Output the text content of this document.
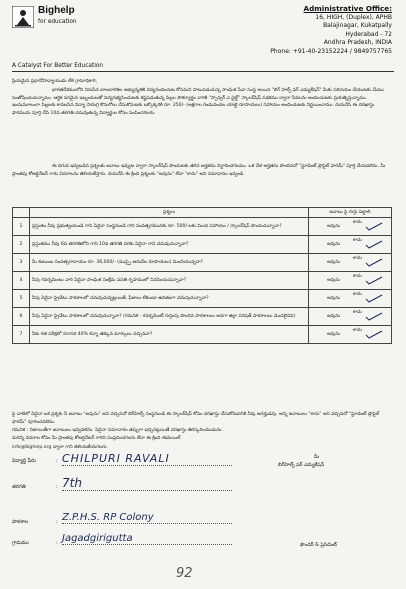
Bighelp
for education
A Catalyst For Better Education
Administrative Office:
16, HIGH, (Duplex), APHB
Balajinagar, Kukatpally
Hyderabad - 72
Andhra Pradesh, INDIA
Phone: +91-40-23152224 / 9849757765
ప్రియమైన ప్రధానోపాధ్యాయుడు లేక గ్రామాధికారి,
భారతదేశములోని నిరుపేద బాలబాలికల అభ్యున్నతికి విద్యనందించుట కోసమని పాటుపడుచున్న సాంఘిక సేవా సంస్థ అయిన "బిగ్ హెల్ప్ ఫర్ ఎడ్యుకేషన్" మీకు పరిచయం చేయుటకు మేము సంతోషించుచున్నాము. ఆర్థిక పరమైన ఇబ్బందులతో విద్యనభ్యసించుటకు కష్టపడుతున్న పిల్లల సౌకర్యార్థం వారికి "స్పాన్సర్ ఎ ఛైల్డ్" స్కాలర్‌షిప్ పథకము ద్వారా సేవలను అందించుటకు ప్రయత్నిస్తున్నాము. ఇందుమూలంగా పిల్లలకు కావలసిన విద్యా సామగ్రి కొనుగోలు చేసుకొనుటకు ఒక్కొక్కరికి రూ. 250/- (అక్షరాల రెండువందల యాభై రూపాయలు) సహాయం అందించుటకు నిర్ణయించాము. దయచేసి ఈ దరఖాస్తు ఫారమును పూర్తి చేసి 10వ తరగతి చదువుతున్న విద్యార్థుల కోసం పంపించగలరు.
ఈ దిగువ ఇవ్వబడిన ప్రశ్నలకు జవాబు ఇవ్వుట ద్వారా స్కాలర్‌షిప్ పొందుటకు తగిన అర్హతను నిర్ధారించగలము. ఒక వేళ అర్హతను పొందినచో "స్టూడెంట్ ప్రొఫైల్ ఫారమ్" పూర్తి చేయవలెను. మీ ప్రాంతపు కోఆర్డినేటర్ గారు వివరాలను తెలియజేస్తారు. దయచేసి ఈ క్రింది ప్రశ్నలకు "అవును" లేదా "కాదు" అని సమాధానం ఇవ్వండి.
	ప్రశ్నలు	జవాబు పై గుర్తు పెట్టాలి
1	ప్రస్తుతం నీవు ప్రభుత్వంనుండి గాని ఏదైనా సంస్థనుండి గాని సంవత్సరమునకు రూ. 500/-లకు మించి సహాయం / స్కాలర్‌షిప్ పొందుచున్నావా?	అవును
కాదు

2	ప్రస్తుతము నీవు 6వ తరగతిలోని గాని 10వ తరగతి వరకు ఏదైనా గాని చదువుచున్నావా?	అవును
కాదు

3	మీ కుటుంబ సంవత్సరాదాయం రూ. 36,000/- (ముప్పై ఆరువేల రూపాయలు) మించియున్నదా?	అవును
కాదు

4	నీవు గవర్నమెంటు వారి ఏదైనా సాంఘిక సంక్షేమ వసతి గృహములో నివసించుచున్నావా?	అవును
కాదు

5	నీవు ఏదైనా ప్రైవేటు పాఠశాలలో చదువుచున్నట్లయితే, ఫీజులు లేకుండా ఉచితంగా చదువుచున్నావా?	అవును
కాదు

6	నీవు ఏదైనా ప్రైవేటు పాఠశాలలో చదువుచున్నావా? (గమనిక - గవర్నమెంట్ గుర్తింపు పొందిన పాఠశాలలు అనగా జిల్లా పరిషత్ పాఠశాలలు మొదలైనవి)	అవును
కాదు

7	నీకు గత పరీక్షలో సరాసరి 40% కన్నా తక్కువ మార్కులు వచ్చినవా?	అవును
కాదు
పై వాటిలో ఏదైనా ఒక ప్రశ్నకు నీ జవాబు "అవును" అని వచ్చినచో బిగ్‌హెల్ప్ సంస్థనుండి ఈ స్కాలర్‌షిప్ కోసం దరఖాస్తు చేసుకోవడానికి నీవు అనర్హుడవు. అన్ని జవాబులు "కాదు" అని వచ్చినచో "స్టూడెంట్ ప్రొఫైల్ ఫారమ్" పూరించవలెను.
గమనిక : నిజాయితీగా జవాబులు ఇవ్వవలెను. ఏదైనా సమాచారం తప్పుగా ఇచ్చినట్లయితే దరఖాస్తు తిరస్కరించబడును.
మరిన్ని వివరాల కోసం మీ ప్రాంతపు కోఆర్డినేటర్ గారిని సంప్రదించగలరు లేదా ఈ క్రింది ఈమెయిల్
info@bighelp.org ద్వారా గాని తెలియజేయగలరు.
విద్యార్థి పేరు	: CHILPURI RAVALI
తరగతి	: 7th
పాఠశాల	: Z.P.H.S. RP Colony
గ్రామము	: Jagadgirigutta
మీ
బిగ్‌హెల్ప్ ఫర్ ఎడ్యుకేషన్
ఫౌండర్ & ప్రెసిడెంట్
92
